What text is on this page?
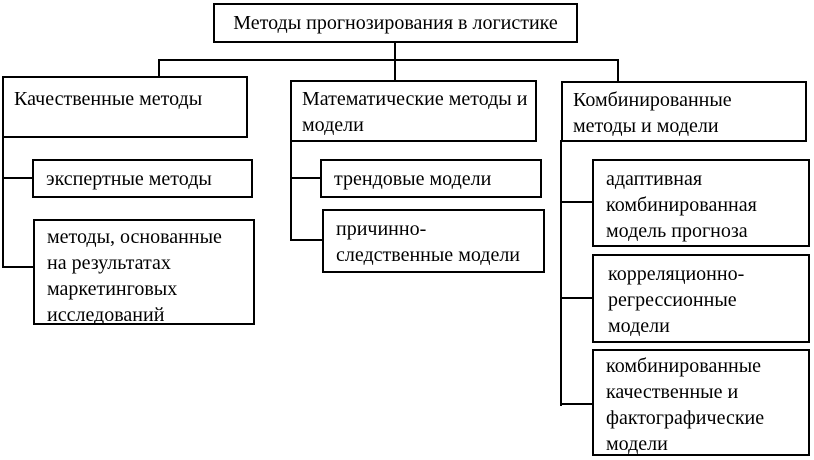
Методы прогнозирования в логистике
Качественные методы	Математические методы и модели
Комбинированные методы и модели
экспертные методы
методы, основанные на результатах маркетинговых исследований
трендовые модели
причинно-следственные модели
адаптивная комбинированная модель прогноза
корреляционно-регрессионные модели
комбинированные качественные и фактографические модели
